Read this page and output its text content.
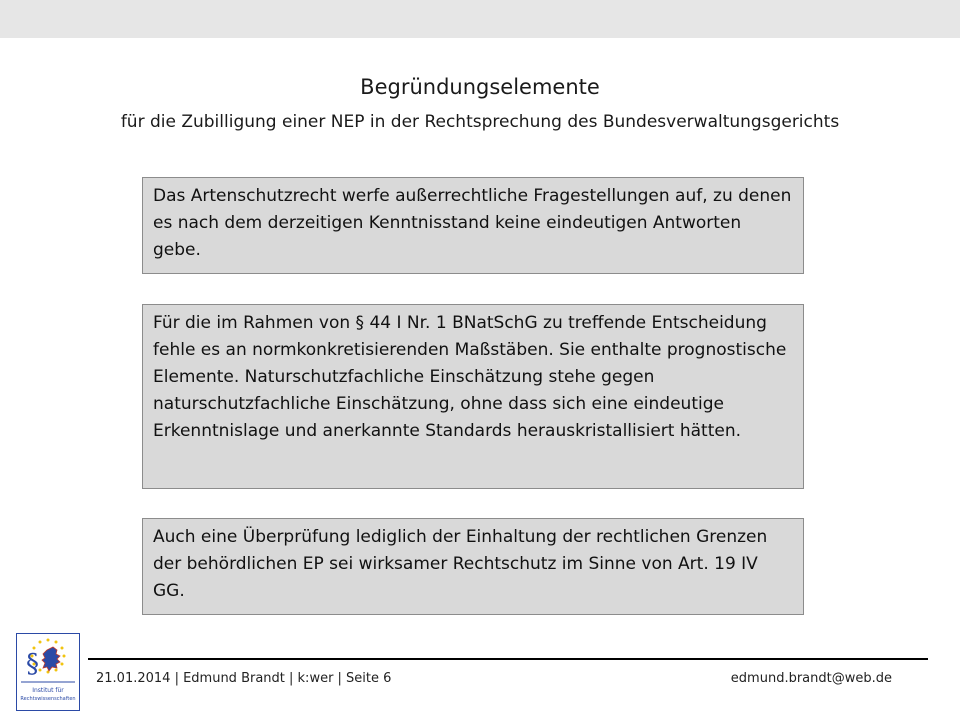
Begründungselemente
für die Zubilligung einer NEP in der Rechtsprechung des Bundesverwaltungsgerichts
Das Artenschutzrecht werfe außerrechtliche Fragestellungen auf, zu denen es nach dem derzeitigen Kenntnisstand keine eindeutigen Antworten gebe.
Für die im Rahmen von § 44 I Nr. 1 BNatSchG zu treffende Entscheidung fehle es an normkonkretisierenden Maßstäben. Sie enthalte prognostische Elemente. Naturschutzfachliche Einschätzung stehe gegen naturschutzfachliche Einschätzung, ohne dass sich eine eindeutige Erkenntnislage und anerkannte Standards herauskristallisiert hätten.
Auch eine Überprüfung lediglich der Einhaltung der rechtlichen Grenzen der behördlichen EP sei wirksamer Rechtschutz im Sinne von Art. 19 IV GG.
§
Institut für
Rechtswissenschaften
21.01.2014 | Edmund Brandt | k:wer | Seite 6	edmund.brandt@web.de
